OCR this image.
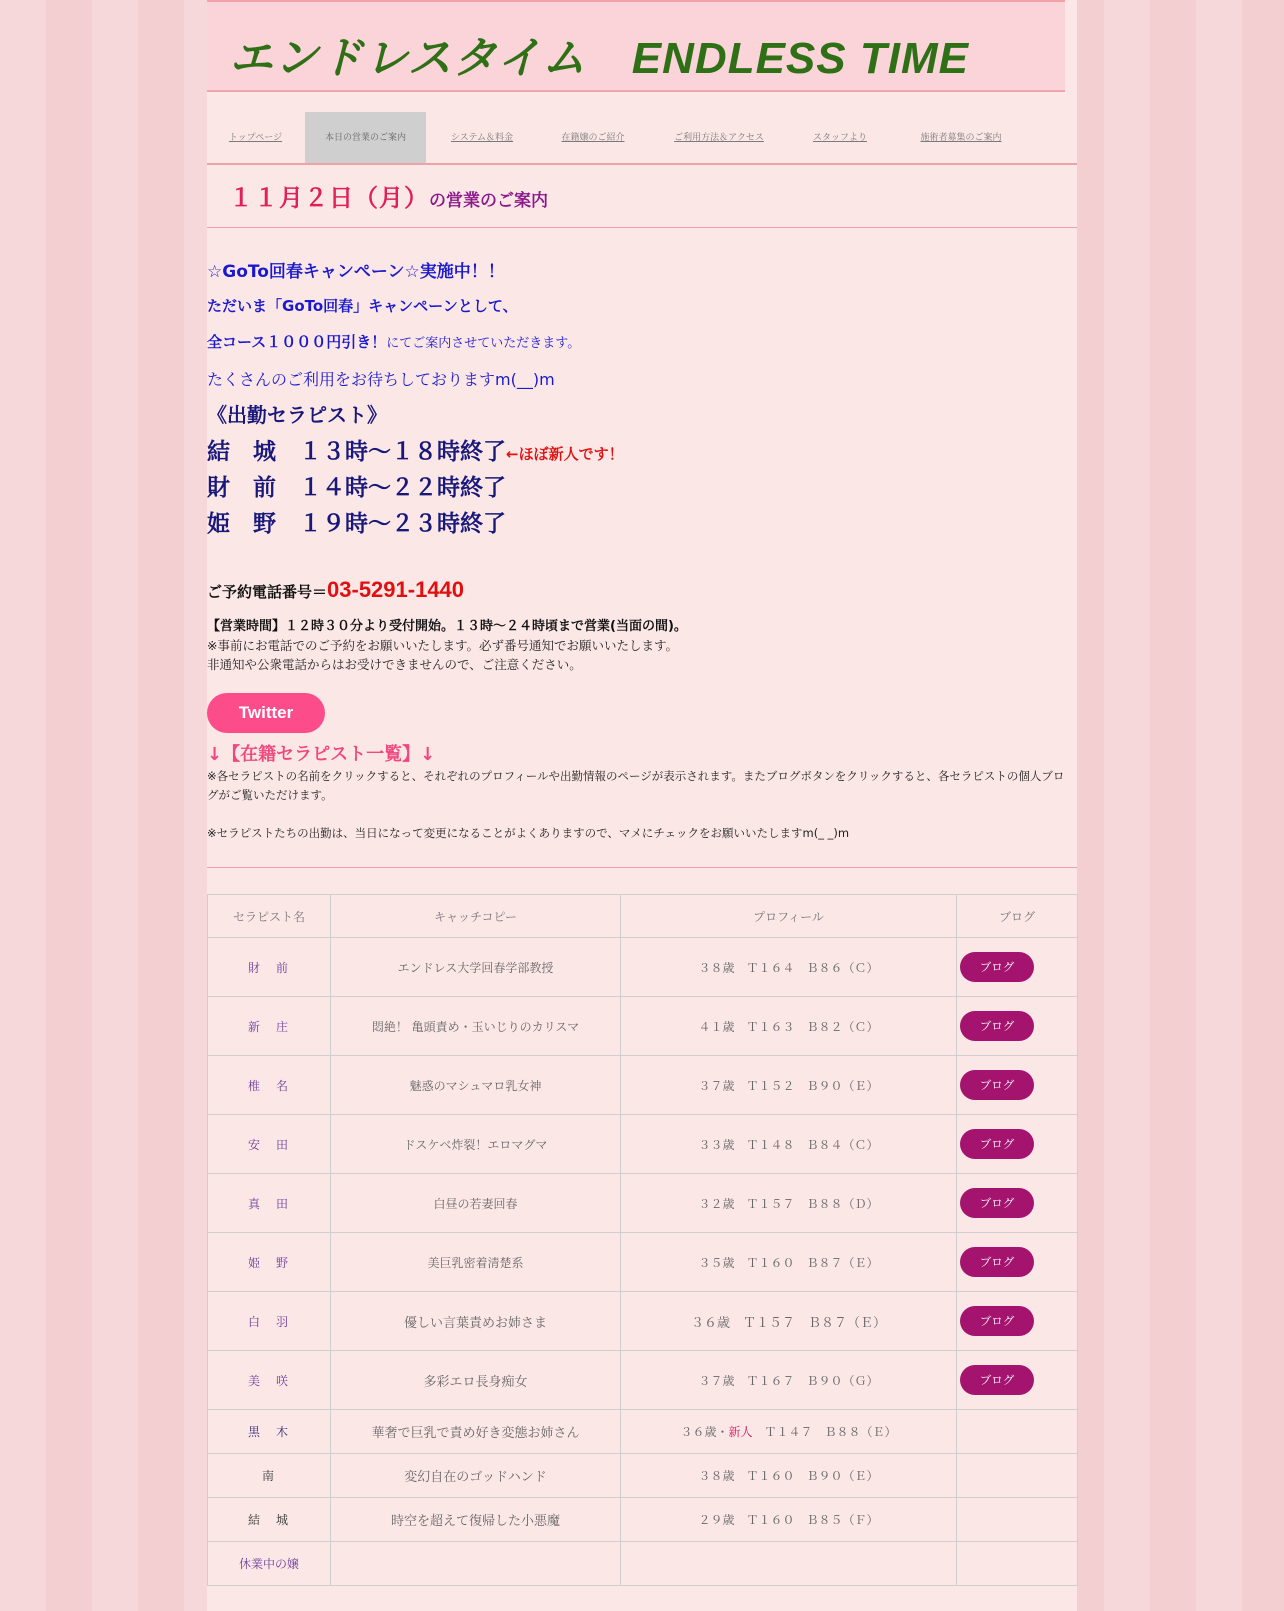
エンドレスタイム　ENDLESS TIME
トップページ	本日の営業のご案内	システム＆料金	在籍嬢のご紹介	ご利用方法＆アクセス	スタッフより	施術者募集のご案内
１１月２日（月）の営業のご案内
☆GoTo回春キャンペーン☆実施中！！
ただいま「GoTo回春」キャンペーンとして、
全コース１０００円引き！にてご案内させていただきます。
たくさんのご利用をお待ちしておりますm(__)m
《出勤セラピスト》
結　城　１３時～１８時終了←ほぼ新人です！
財　前　１４時～２２時終了
姫　野　１９時～２３時終了
ご予約電話番号＝03-5291-1440
【営業時間】１２時３０分より受付開始。１３時～２４時頃まで営業(当面の間)。
※事前にお電話でのご予約をお願いいたします。必ず番号通知でお願いいたします。
非通知や公衆電話からはお受けできませんので、ご注意ください。
Twitter
↓【在籍セラピスト一覧】↓
※各セラピストの名前をクリックすると、それぞれのプロフィールや出勤情報のページが表示されます。またブログボタンをクリックすると、各セラピストの個人ブログがご覧いただけます。
※セラピストたちの出勤は、当日になって変更になることがよくありますので、マメにチェックをお願いいたしますm(_ _)m
セラピスト名	キャッチコピー	プロフィール	ブログ
財　前	エンドレス大学回春学部教授	３８歳　Ｔ１６４　Ｂ８６（Ｃ）	ブログ
新　庄	悶絶！ 亀頭責め・玉いじりのカリスマ	４１歳　Ｔ１６３　Ｂ８２（Ｃ）	ブログ
椎　名	魅惑のマシュマロ乳女神	３７歳　Ｔ１５２　Ｂ９０（Ｅ）	ブログ
安　田	ドスケベ炸裂！エロマグマ	３３歳　Ｔ１４８　Ｂ８４（Ｃ）	ブログ
真　田	白昼の若妻回春	３２歳　Ｔ１５７　Ｂ８８（Ｄ）	ブログ
姫　野	美巨乳密着清楚系	３５歳　Ｔ１６０　Ｂ８７（Ｅ）	ブログ
白　羽	優しい言葉責めお姉さま	３６歳　Ｔ１５７　Ｂ８７（Ｅ）	ブログ
美　咲	多彩エロ長身痴女	３７歳　Ｔ１６７　Ｂ９０（Ｇ）	ブログ
黒　木	華奢で巨乳で責め好き変態お姉さん	３６歳・新人　Ｔ１４７　Ｂ８８（Ｅ）	
南	変幻自在のゴッドハンド	３８歳　Ｔ１６０　Ｂ９０（Ｅ）	
結　城	時空を超えて復帰した小悪魔	２９歳　Ｔ１６０　Ｂ８５（Ｆ）	
休業中の嬢			
